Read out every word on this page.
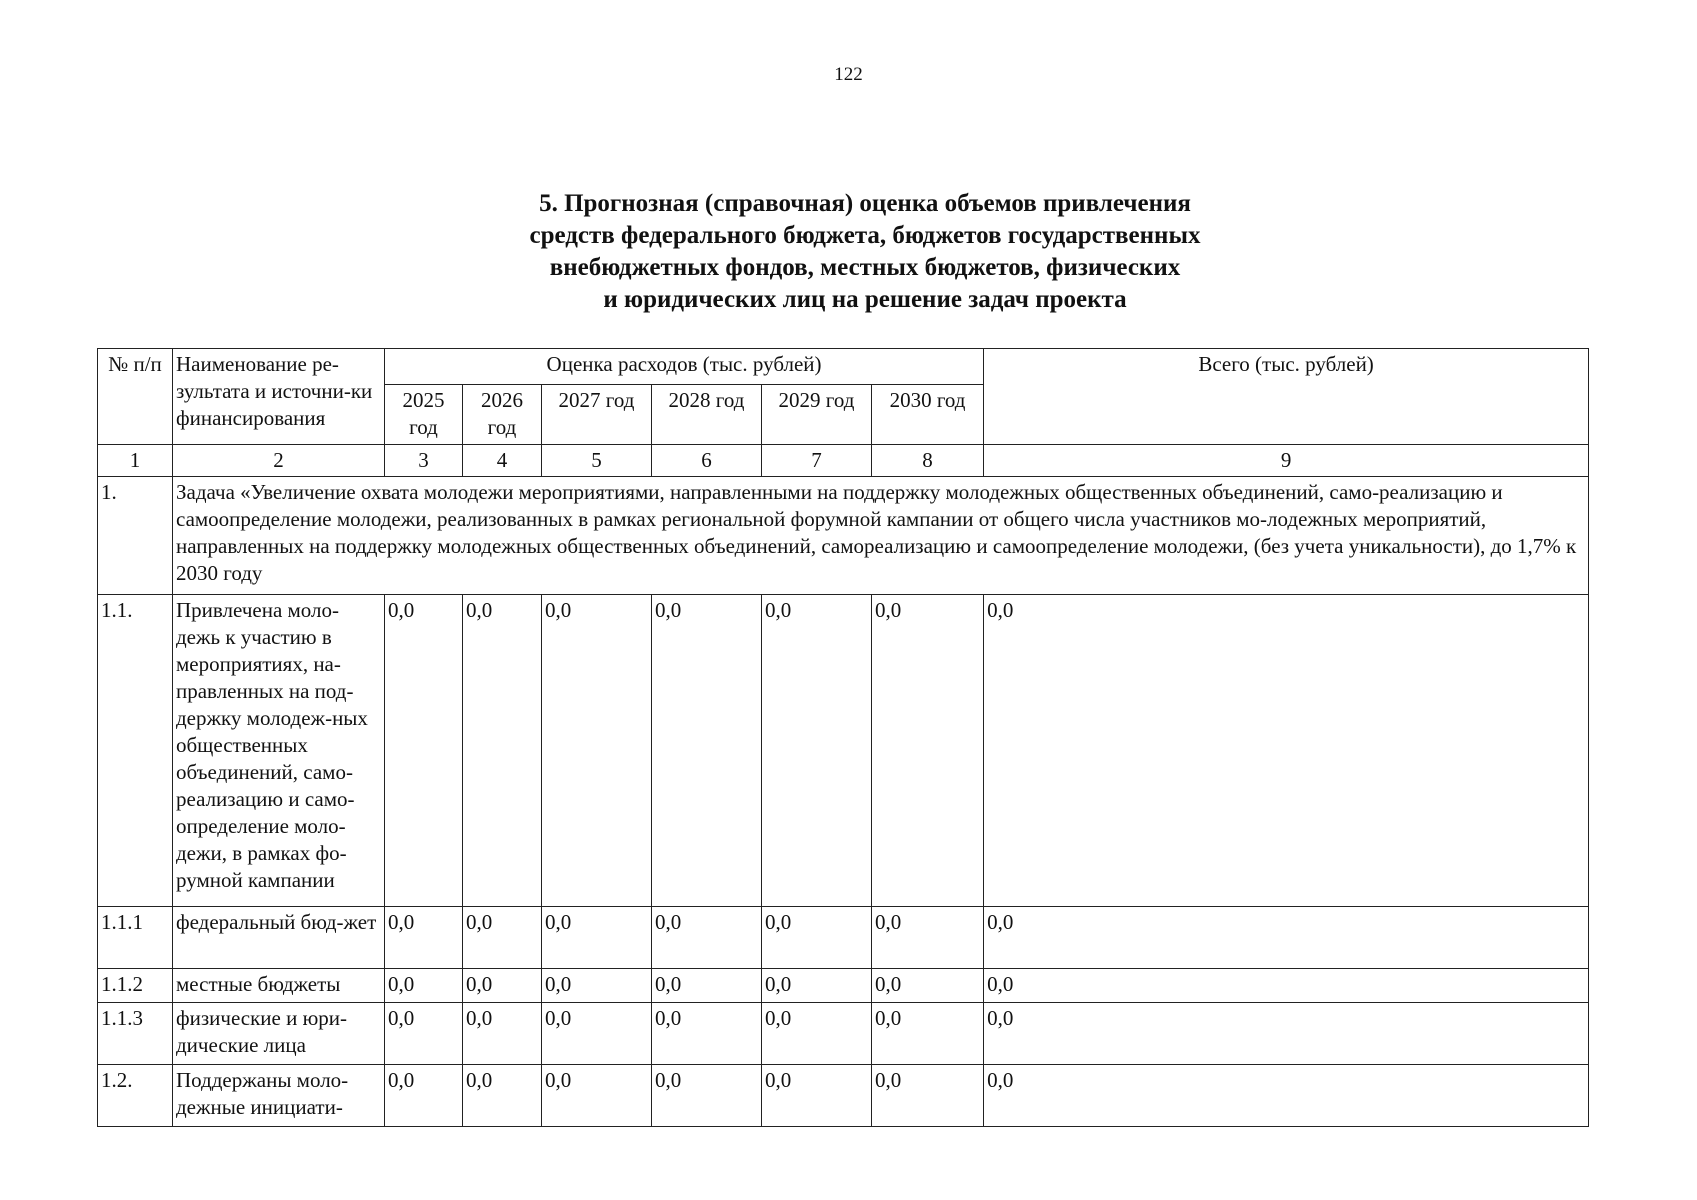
122
5. Прогнозная (справочная) оценка объемов привлечения
средств федерального бюджета, бюджетов государственных
внебюджетных фондов, местных бюджетов, физических
и юридических лиц на решение задач проекта
№ п/п	Наименование ре-зультата и источни-ки финансирования	Оценка расходов (тыс. рублей)						Всего (тыс. рублей)
		2025 год	2026 год	2027 год	2028 год	2029 год	2030 год	
1	2	3	4	5	6	7	8	9
1.	Задача «Увеличение охвата молодежи мероприятиями, направленными на поддержку молодежных общественных объединений, само-реализацию и самоопределение молодежи, реализованных в рамках региональной форумной кампании от общего числа участников мо-лодежных мероприятий, направленных на поддержку молодежных общественных объединений, самореализацию и самоопределение молодежи, (без учета уникальности), до 1,7% к 2030 году							
1.1.	Привлечена моло-дежь к участию в мероприятиях, на-правленных на под-держку молодеж-ных общественных объединений, само-реализацию и само-определение моло-дежи, в рамках фо-румной кампании	0,0	0,0	0,0	0,0	0,0	0,0	0,0
1.1.1	федеральный бюд-жет	0,0	0,0	0,0	0,0	0,0	0,0	0,0
1.1.2	местные бюджеты	0,0	0,0	0,0	0,0	0,0	0,0	0,0
1.1.3	физические и юри-дические лица	0,0	0,0	0,0	0,0	0,0	0,0	0,0
1.2.	Поддержаны моло-дежные инициати-	0,0	0,0	0,0	0,0	0,0	0,0	0,0
